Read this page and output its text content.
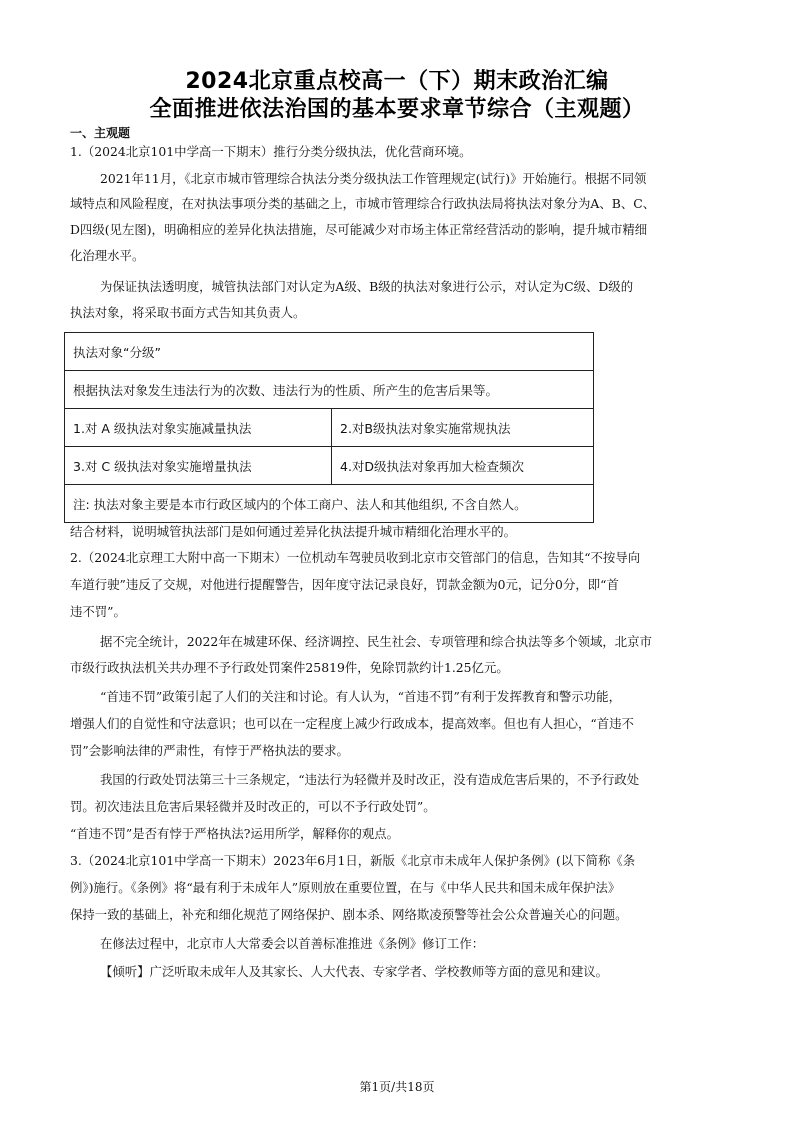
2024北京重点校高一（下）期末政治汇编
全面推进依法治国的基本要求章节综合（主观题）
一、主观题
1.（2024北京101中学高一下期末）推行分类分级执法，优化营商环境。
2021年11月，《北京市城市管理综合执法分类分级执法工作管理规定(试行)》开始施行。根据不同领
域特点和风险程度，在对执法事项分类的基础之上，市城市管理综合行政执法局将执法对象分为A、B、C、
D四级(见左图)，明确相应的差异化执法措施，尽可能减少对市场主体正常经营活动的影响，提升城市精细
化治理水平。
为保证执法透明度，城管执法部门对认定为A级、B级的执法对象进行公示，对认定为C级、D级的
执法对象，将采取书面方式告知其负责人。
执法对象“分级”	
根据执法对象发生违法行为的次数、违法行为的性质、所产生的危害后果等。	
1.对 A 级执法对象实施减量执法	2.对B级执法对象实施常规执法
3.对 C 级执法对象实施增量执法	4.对D级执法对象再加大检查频次
注: 执法对象主要是本市行政区域内的个体工商户、法人和其他组织, 不含自然人。	
结合材料，说明城管执法部门是如何通过差异化执法提升城市精细化治理水平的。
2.（2024北京理工大附中高一下期末）一位机动车驾驶员收到北京市交管部门的信息，告知其“不按导向
车道行驶”违反了交规，对他进行提醒警告，因年度守法记录良好，罚款金额为0元，记分0分，即“首
违不罚”。
据不完全统计，2022年在城建环保、经济调控、民生社会、专项管理和综合执法等多个领域，北京市
市级行政执法机关共办理不予行政处罚案件25819件，免除罚款约计1.25亿元。
“首违不罚”政策引起了人们的关注和讨论。有人认为，“首违不罚”有利于发挥教育和警示功能，
增强人们的自觉性和守法意识；也可以在一定程度上减少行政成本，提高效率。但也有人担心，“首违不
罚”会影响法律的严肃性，有悖于严格执法的要求。
我国的行政处罚法第三十三条规定，“违法行为轻微并及时改正，没有造成危害后果的，不予行政处
罚。初次违法且危害后果轻微并及时改正的，可以不予行政处罚”。
“首违不罚”是否有悖于严格执法?运用所学，解释你的观点。
3.（2024北京101中学高一下期末）2023年6月1日，新版《北京市未成年人保护条例》(以下简称《条
例》)施行。《条例》将“最有利于未成年人”原则放在重要位置，在与《中华人民共和国未成年保护法》
保持一致的基础上，补充和细化规范了网络保护、剧本杀、网络欺凌预警等社会公众普遍关心的问题。
在修法过程中，北京市人大常委会以首善标准推进《条例》修订工作：
【倾听】广泛听取未成年人及其家长、人大代表、专家学者、学校教师等方面的意见和建议。
第1页/共18页
